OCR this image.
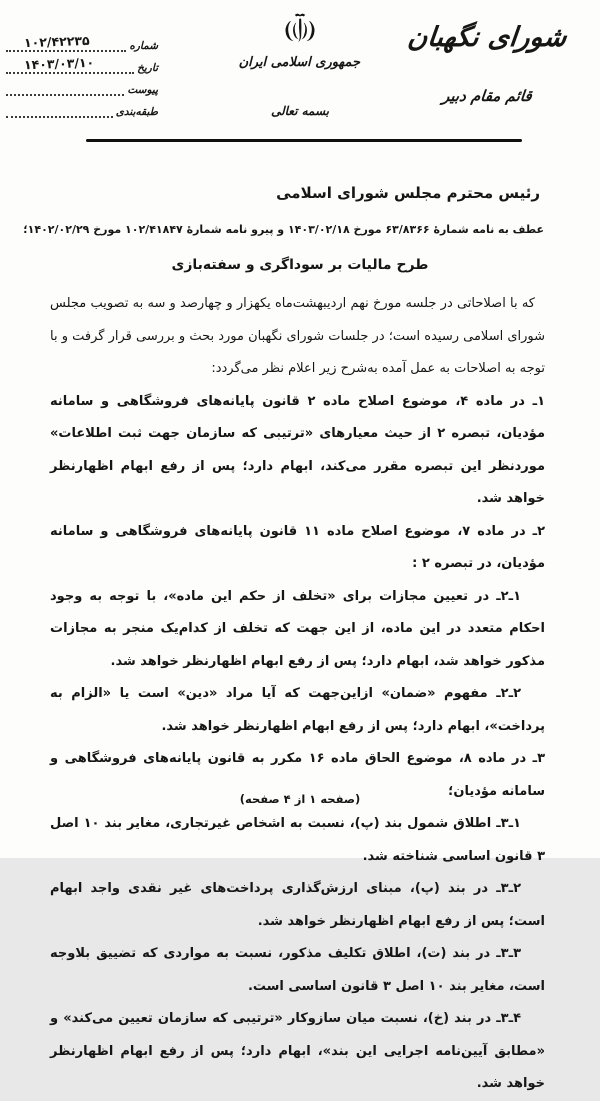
شورای نگهبان
قائم مقام دبیر
جمهوری اسلامی ایران
بسمه تعالی
شماره
۱۰۲/۴۲۲۳۵
تاریخ
۱۴۰۳/۰۳/۱۰
پیوست
طبقه‌بندی
رئیس محترم مجلس شورای اسلامی
عطف به نامه شمارهٔ ۶۳/۸۳۶۶ مورخ ۱۴۰۳/۰۲/۱۸ و پیرو نامه شمارهٔ ۱۰۲/۴۱۸۴۷ مورخ ۱۴۰۲/۰۲/۲۹؛
طرح مالیات بر سوداگری و سفته‌بازی

که با اصلاحاتی در جلسه مورخ نهم اردیبهشت‌ماه یکهزار و چهارصد و سه به تصویب مجلس شورای اسلامی رسیده است؛ در جلسات شورای نگهبان مورد بحث و بررسی قرار گرفت و با توجه به اصلاحات به عمل آمده به‌شرح زیر اعلام نظر می‌گردد:

۱ـ در ماده ۴، موضوع اصلاح ماده ۲ قانون پایانه‌های فروشگاهی و سامانه مؤدیان، تبصره ۲ از حیث معیارهای «ترتیبی که سازمان جهت ثبت اطلاعات» موردنظر این تبصره مقرر می‌کند، ابهام دارد؛ پس از رفع ابهام اظهارنظر خواهد شد.

۲ـ در ماده ۷، موضوع اصلاح ماده ۱۱ قانون پایانه‌های فروشگاهی و سامانه مؤدیان، در تبصره ۲ :

۱ـ۲ـ در تعیین مجازات برای «تخلف از حکم این ماده»، با توجه به وجود احکام متعدد در این ماده، از این جهت که تخلف از کدام‌یک منجر به مجازات مذکور خواهد شد، ابهام دارد؛ پس از رفع ابهام اظهارنظر خواهد شد.

۲ـ۲ـ مفهوم «ضمان» ازاین‌جهت که آیا مراد «دین» است یا «الزام به پرداخت»، ابهام دارد؛ پس از رفع ابهام اظهارنظر خواهد شد.

۳ـ در ماده ۸، موضوع الحاق ماده ۱۶ مکرر به قانون پایانه‌های فروشگاهی و سامانه مؤدیان؛

۱ـ۳ـ اطلاق شمول بند (پ)، نسبت به اشخاص غیرتجاری، مغایر بند ۱۰ اصل ۳ قانون اساسی شناخته شد.

۲ـ۳ـ در بند (پ)، مبنای ارزش‌گذاری پرداخت‌های غیر نقدی واجد ابهام است؛ پس از رفع ابهام اظهارنظر خواهد شد.

۳ـ۳ـ در بند (ت)، اطلاق تکلیف مذکور، نسبت به مواردی که تضییق بلاوجه است، مغایر بند ۱۰ اصل ۳ قانون اساسی است.

۴ـ۳ـ در بند (خ)، نسبت میان سازوکار «ترتیبی که سازمان تعیین می‌کند» و «مطابق آیین‌نامه اجرایی این بند»، ابهام دارد؛ پس از رفع ابهام اظهارنظر خواهد شد.

(صفحه ۱ از ۴ صفحه)
